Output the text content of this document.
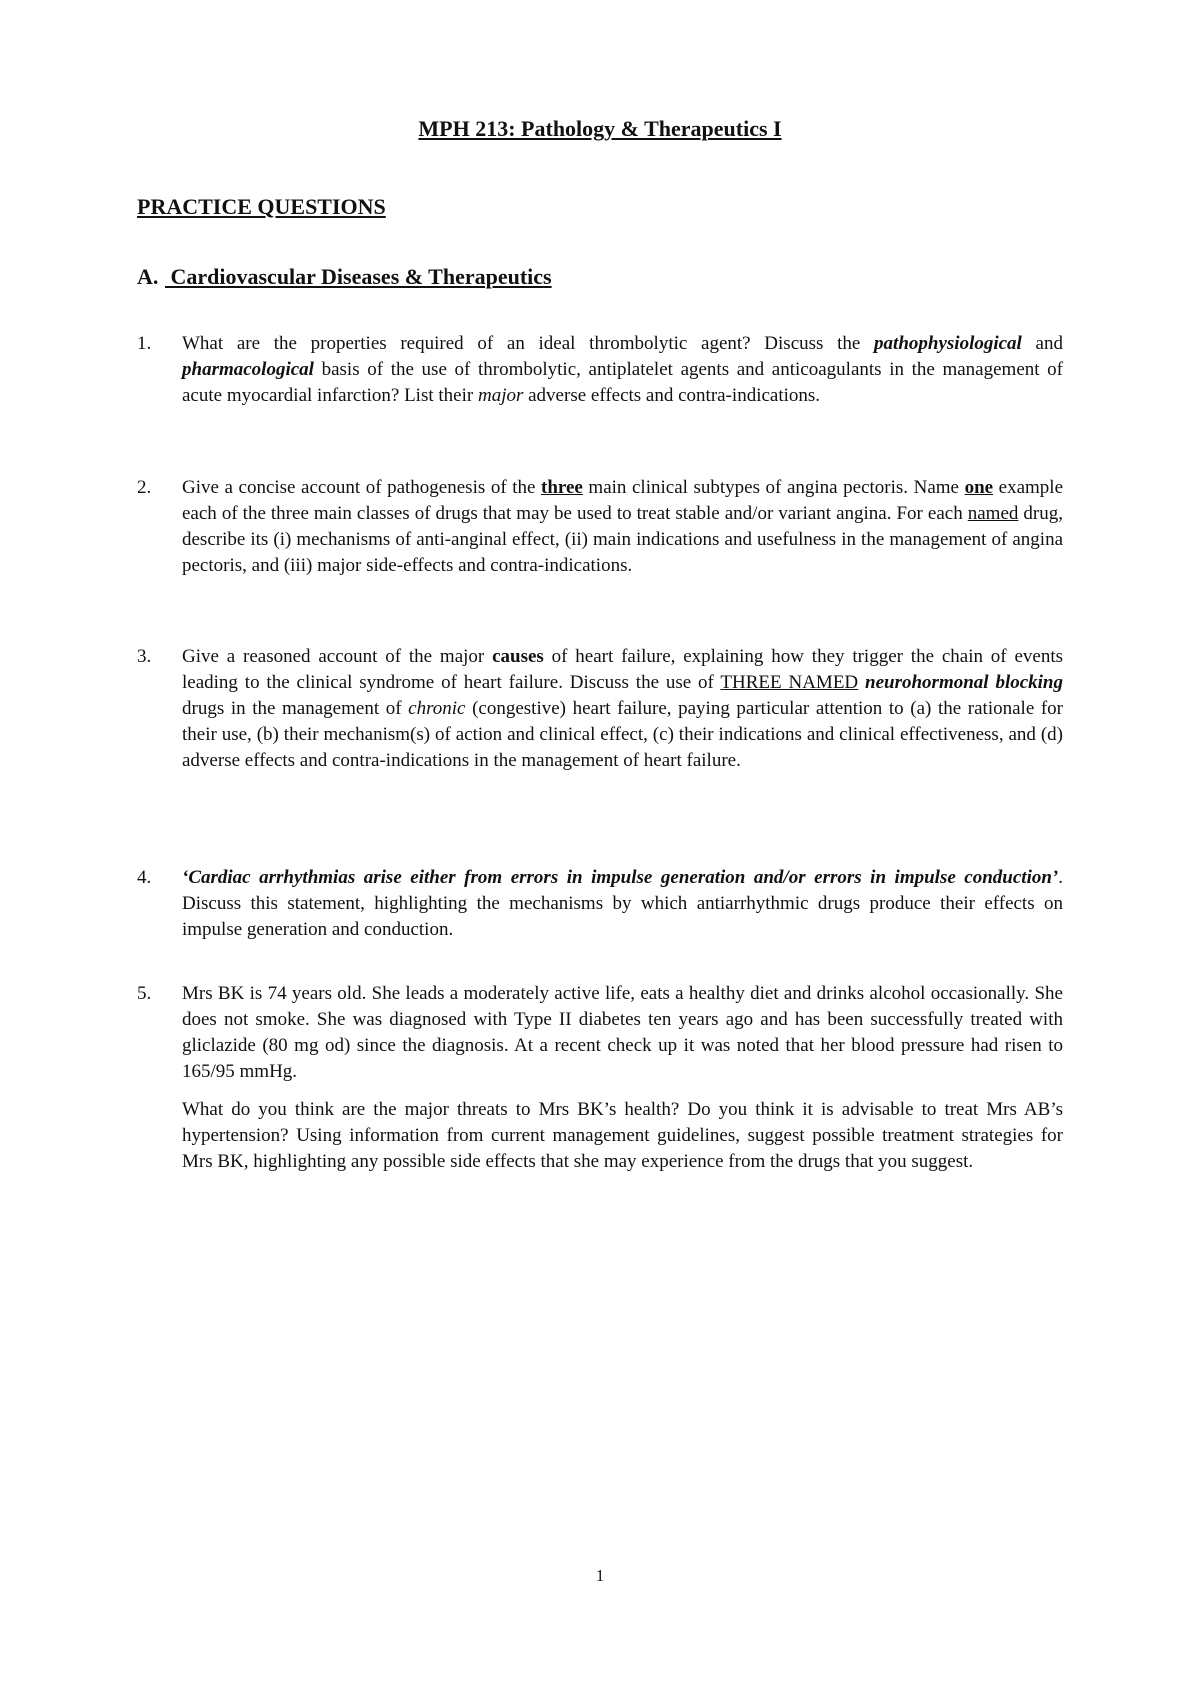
MPH 213: Pathology & Therapeutics I
PRACTICE QUESTIONS
A. Cardiovascular Diseases & Therapeutics
1.	What are the properties required of an ideal thrombolytic agent? Discuss the pathophysiological and pharmacological basis of the use of thrombolytic, antiplatelet agents and anticoagulants in the management of acute myocardial infarction? List their major adverse effects and contra-indications.

2.	Give a concise account of pathogenesis of the three main clinical subtypes of angina pectoris. Name one example each of the three main classes of drugs that may be used to treat stable and/or variant angina. For each named drug, describe its (i) mechanisms of anti-anginal effect, (ii) main indications and usefulness in the management of angina pectoris, and (iii) major side-effects and contra-indications.

3.	Give a reasoned account of the major causes of heart failure, explaining how they trigger the chain of events leading to the clinical syndrome of heart failure. Discuss the use of THREE NAMED neurohormonal blocking drugs in the management of chronic (congestive) heart failure, paying particular attention to (a) the rationale for their use, (b) their mechanism(s) of action and clinical effect, (c) their indications and clinical effectiveness, and (d) adverse effects and contra-indications in the management of heart failure.

4.	‘Cardiac arrhythmias arise either from errors in impulse generation and/or errors in impulse conduction’. Discuss this statement, highlighting the mechanisms by which antiarrhythmic drugs produce their effects on impulse generation and conduction.

5.	Mrs BK is 74 years old. She leads a moderately active life, eats a healthy diet and drinks alcohol occasionally. She does not smoke. She was diagnosed with Type II diabetes ten years ago and has been successfully treated with gliclazide (80 mg od) since the diagnosis. At a recent check up it was noted that her blood pressure had risen to 165/95 mmHg.

What do you think are the major threats to Mrs BK’s health? Do you think it is advisable to treat Mrs AB’s hypertension? Using information from current management guidelines, suggest possible treatment strategies for Mrs BK, highlighting any possible side effects that she may experience from the drugs that you suggest.

1
